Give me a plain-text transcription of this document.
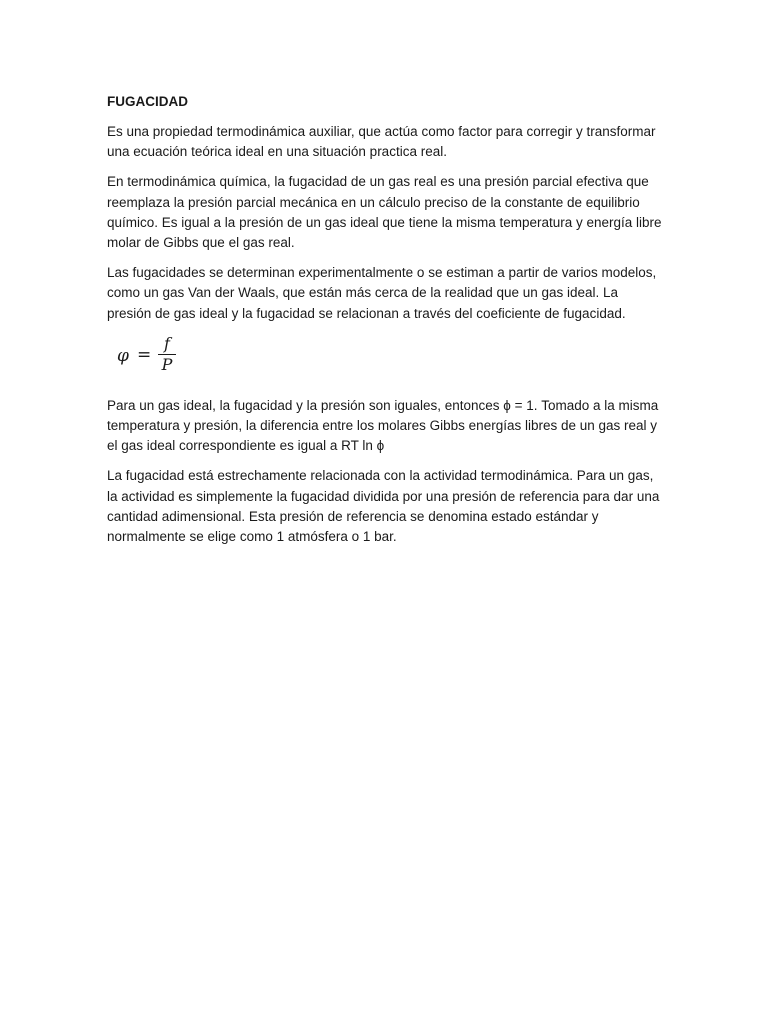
FUGACIDAD

Es una propiedad termodinámica auxiliar, que actúa como factor para corregir y transformar una ecuación teórica ideal en una situación practica real.

En termodinámica química, la fugacidad de un gas real es una presión parcial efectiva que reemplaza la presión parcial mecánica en un cálculo preciso de la constante de equilibrio químico. Es igual a la presión de un gas ideal que tiene la misma temperatura y energía libre molar de Gibbs que el gas real.

Las fugacidades se determinan experimentalmente o se estiman a partir de varios modelos, como un gas Van der Waals, que están más cerca de la realidad que un gas ideal. La presión de gas ideal y la fugacidad se relacionan a través del coeficiente de fugacidad.

φ =
f
P

Para un gas ideal, la fugacidad y la presión son iguales, entonces ϕ = 1. Tomado a la misma temperatura y presión, la diferencia entre los molares Gibbs energías libres de un gas real y el gas ideal correspondiente es igual a RT ln ϕ

La fugacidad está estrechamente relacionada con la actividad termodinámica. Para un gas, la actividad es simplemente la fugacidad dividida por una presión de referencia para dar una cantidad adimensional. Esta presión de referencia se denomina estado estándar y normalmente se elige como 1 atmósfera o 1 bar.
